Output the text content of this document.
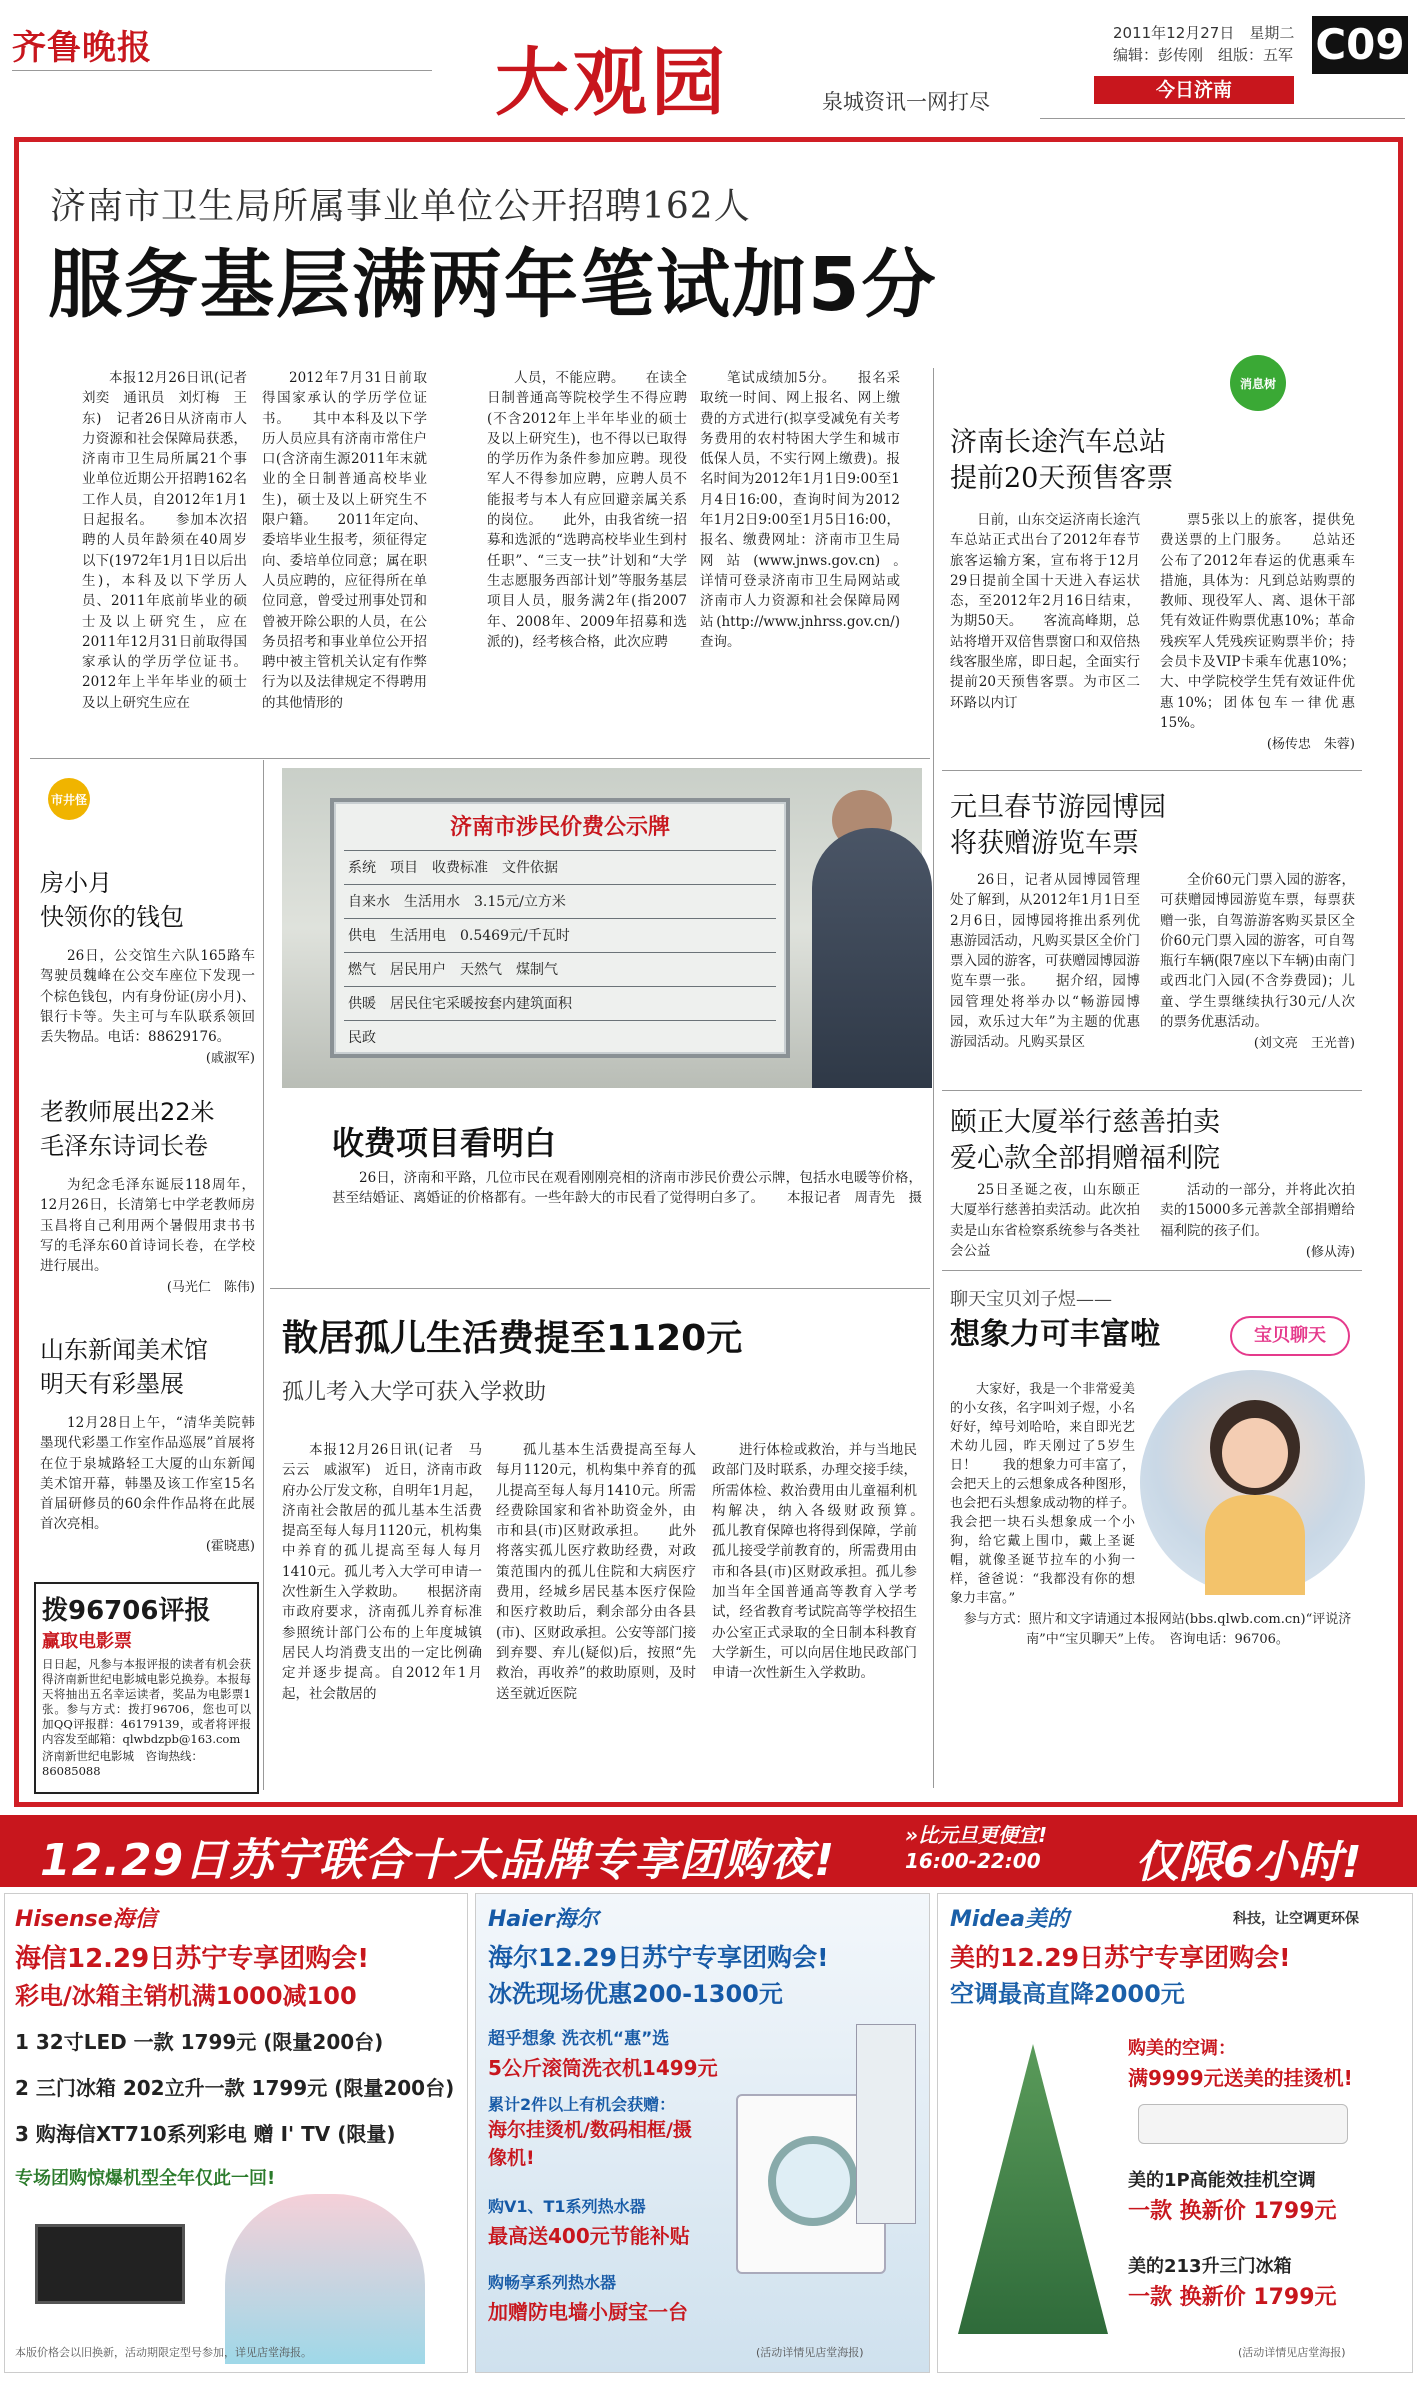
齐鲁晚报	大观园	泉城资讯一网打尽
2011年12月27日　星期二
编辑：彭传刚　组版：五军 C09
今日济南
济南市卫生局所属事业单位公开招聘162人
服务基层满两年笔试加5分

本报12月26日讯(记者　刘奕　通讯员　刘灯梅　王东)　记者26日从济南市人力资源和社会保障局获悉，济南市卫生局所属21个事业单位近期公开招聘162名工作人员，自2012年1月1日起报名。　　参加本次招聘的人员年龄须在40周岁以下(1972年1月1日以后出生)，本科及以下学历人员、2011年底前毕业的硕士及以上研究生，应在2011年12月31日前取得国家承认的学历学位证书。2012年上半年毕业的硕士及以上研究生应在

2012年7月31日前取得国家承认的学历学位证书。　　其中本科及以下学历人员应具有济南市常住户口(含济南生源2011年末就业的全日制普通高校毕业生)，硕士及以上研究生不限户籍。　　2011年定向、委培毕业生报考，须征得定向、委培单位同意；属在职人员应聘的，应征得所在单位同意，曾受过刑事处罚和曾被开除公职的人员，在公务员招考和事业单位公开招聘中被主管机关认定有作弊行为以及法律规定不得聘用的其他情形的

人员，不能应聘。　　在读全日制普通高等院校学生不得应聘(不含2012年上半年毕业的硕士及以上研究生)，也不得以已取得的学历作为条件参加应聘。现役军人不得参加应聘，应聘人员不能报考与本人有应回避亲属关系的岗位。　　此外，由我省统一招募和选派的“选聘高校毕业生到村任职”、“三支一扶”计划和“大学生志愿服务西部计划”等服务基层项目人员，服务满2年(指2007年、2008年、2009年招募和选派的)，经考核合格，此次应聘

笔试成绩加5分。　　报名采取统一时间、网上报名、网上缴费的方式进行(拟享受减免有关考务费用的农村特困大学生和城市低保人员，不实行网上缴费)。报名时间为2012年1月1日9:00至1月4日16:00，查询时间为2012年1月2日9:00至1月5日16:00，报名、缴费网址：济南市卫生局网站(www.jnws.gov.cn)。　　详情可登录济南市卫生局网站或济南市人力资源和社会保障局网站(http://www.jnhrss.gov.cn/)查询。

市井怪
房小月
快领你的钱包

26日，公交馆生六队165路车驾驶员魏峰在公交车座位下发现一个棕色钱包，内有身份证(房小月)、银行卡等。失主可与车队联系领回丢失物品。电话：88629176。

(戚淑军)
老教师展出22米
毛泽东诗词长卷

为纪念毛泽东诞辰118周年，12月26日，长清第七中学老教师房玉昌将自己利用两个暑假用隶书书写的毛泽东60首诗词长卷，在学校进行展出。

(马光仁　陈伟)
山东新闻美术馆
明天有彩墨展

12月28日上午，“清华美院韩墨现代彩墨工作室作品巡展”首展将在位于泉城路轻工大厦的山东新闻美术馆开幕，韩墨及该工作室15名首届研修员的60余件作品将在此展首次亮相。

(霍晓惠)
拨96706评报
赢取电影票
日日起，凡参与本报评报的读者有机会获得济南新世纪电影城电影兑换券。本报每天将抽出五名幸运读者，奖品为电影票1张。参与方式：拨打96706，您也可以加QQ评报群：46179139，或者将评报内容发至邮箱：qlwbdzpb@163.com
济南新世纪电影城　咨询热线：86085088
济南市涉民价费公示牌
系统　项目　收费标准　文件依据
自来水　生活用水　3.15元/立方米
供电　生活用电　0.5469元/千瓦时
燃气　居民用户　天然气　煤制气
供暖　居民住宅采暖按套内建筑面积
民政
收费项目看明白
26日，济南和平路，几位市民在观看刚刚亮相的济南市涉民价费公示牌，包括水电暖等价格，甚至结婚证、离婚证的价格都有。一些年龄大的市民看了觉得明白多了。 本报记者　周青先　摄
散居孤儿生活费提至1120元
孤儿考入大学可获入学救助

本报12月26日讯(记者　马云云　戚淑军)　近日，济南市政府办公厅发文称，自明年1月起，济南社会散居的孤儿基本生活费提高至每人每月1120元，机构集中养育的孤儿提高至每人每月1410元。孤儿考入大学可申请一次性新生入学救助。　　根据济南市政府要求，济南孤儿养育标准参照统计部门公布的上年度城镇居民人均消费支出的一定比例确定并逐步提高。自2012年1月起，社会散居的

孤儿基本生活费提高至每人每月1120元，机构集中养育的孤儿提高至每人每月1410元。所需经费除国家和省补助资金外，由市和县(市)区财政承担。　　此外将落实孤儿医疗救助经费，对政策范围内的孤儿住院和大病医疗费用，经城乡居民基本医疗保险和医疗救助后，剩余部分由各县(市)、区财政承担。公安等部门接到弃婴、弃儿(疑似)后，按照“先救治，再收养”的救助原则，及时送至就近医院

进行体检或救治，并与当地民政部门及时联系，办理交接手续，所需体检、救治费用由儿童福利机构解决，纳入各级财政预算。　　孤儿教育保障也将得到保障，学前孤儿接受学前教育的，所需费用由市和各县(市)区财政承担。孤儿参加当年全国普通高等教育入学考试，经省教育考试院高等学校招生办公室正式录取的全日制本科教育大学新生，可以向居住地民政部门申请一次性新生入学救助。

消息树
济南长途汽车总站
提前20天预售客票

日前，山东交运济南长途汽车总站正式出台了2012年春节旅客运输方案，宣布将于12月29日提前全国十天进入春运状态，至2012年2月16日结束，为期50天。　　客流高峰期，总站将增开双倍售票窗口和双倍热线客服坐席，即日起，全面实行提前20天预售客票。为市区二环路以内订

票5张以上的旅客，提供免费送票的上门服务。　　总站还公布了2012年春运的优惠乘车措施，具体为：凡到总站购票的教师、现役军人、离、退休干部凭有效证件购票优惠10%；革命残疾军人凭残疾证购票半价；持会员卡及VIP卡乘车优惠10%；大、中学院校学生凭有效证件优惠10%；团体包车一律优惠15%。

(杨传忠　朱蓉)
元旦春节游园博园
将获赠游览车票

26日，记者从园博园管理处了解到，从2012年1月1日至2月6日，园博园将推出系列优惠游园活动，凡购买景区全价门票入园的游客，可获赠园博园游览车票一张。　　据介绍，园博园管理处将举办以“畅游园博园，欢乐过大年”为主题的优惠游园活动。凡购买景区

全价60元门票入园的游客，可获赠园博园游览车票，每票获赠一张，自驾游游客购买景区全价60元门票入园的游客，可自驾瓶行车辆(限7座以下车辆)由南门或西北门入园(不含券费园)；儿童、学生票继续执行30元/人次的票务优惠活动。

(刘文亮　王光普)
颐正大厦举行慈善拍卖
爱心款全部捐赠福利院

25日圣诞之夜，山东颐正大厦举行慈善拍卖活动。此次拍卖是山东省检察系统参与各类社会公益

活动的一部分，并将此次拍卖的15000多元善款全部捐赠给福利院的孩子们。

(修从涛)
聊天宝贝刘子煜——
想象力可丰富啦	宝贝聊天
大家好，我是一个非常爱美的小女孩，名字叫刘子煜，小名好好，绰号刘哈哈，来自即光艺术幼儿园，昨天刚过了5岁生日！　　我的想象力可丰富了，会把天上的云想象成各种图形，也会把石头想象成动物的样子。我会把一块石头想象成一个小狗，给它戴上围巾，戴上圣诞帽，就像圣诞节拉车的小狗一样，爸爸说：“我都没有你的想象力丰富。”
参与方式：照片和文字请通过本报网站(bbs.qlwb.com.cn)“评说济南”中“宝贝聊天”上传。　咨询电话：96706。
12.29日苏宁联合十大品牌专享团购夜!	»比元旦更便宜!
16:00-22:00 仅限6小时!
Hisense海信
海信12.29日苏宁专享团购会!
彩电/冰箱主销机满1000减100
1 32寸LED 一款 1799元 (限量200台)
2 三门冰箱 202立升一款 1799元 (限量200台)
3 购海信XT710系列彩电 赠 I' TV (限量)
专场团购惊爆机型全年仅此一回!
本版价格会以旧换新，活动期限定型号参加，详见店堂海报。
Haier海尔
海尔12.29日苏宁专享团购会!
冰洗现场优惠200-1300元
超乎想象 洗衣机“惠”选
5公斤滚筒洗衣机1499元
累计2件以上有机会获赠：
海尔挂烫机/数码相框/摄像机!
购V1、T1系列热水器
最高送400元节能补贴
购畅享系列热水器
加赠防电墙小厨宝一台
(活动详情见店堂海报)
Midea美的	科技，让空调更环保
美的12.29日苏宁专享团购会!
空调最高直降2000元
购美的空调：
满9999元送美的挂烫机!
美的1P高能效挂机空调
一款 换新价 1799元
美的213升三门冰箱
一款 换新价 1799元
(活动详情见店堂海报)
